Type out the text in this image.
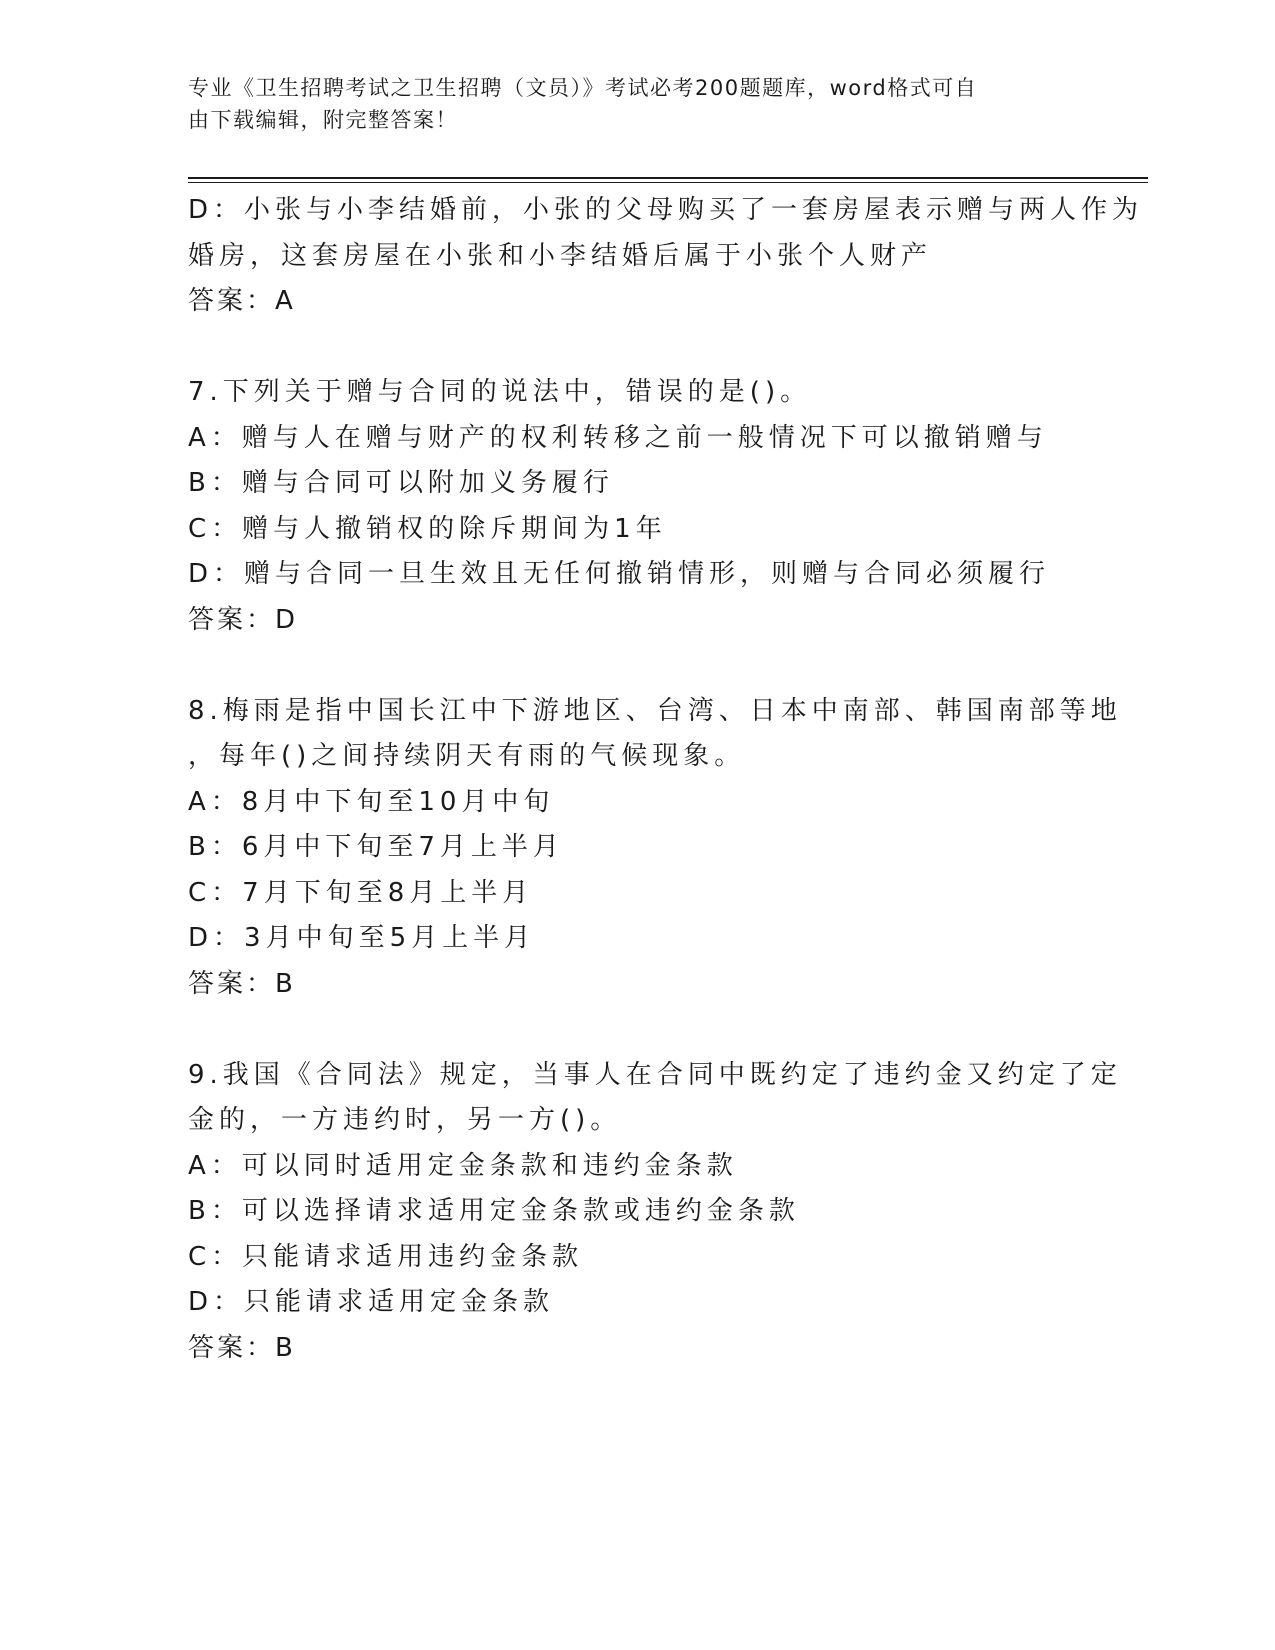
专业《卫生招聘考试之卫生招聘（文员）》考试必考200题题库，word格式可自
由下载编辑，附完整答案！
D：小张与小李结婚前，小张的父母购买了一套房屋表示赠与两人作为
婚房，这套房屋在小张和小李结婚后属于小张个人财产
答案：A
7.下列关于赠与合同的说法中，错误的是()。
A：赠与人在赠与财产的权利转移之前一般情况下可以撤销赠与
B：赠与合同可以附加义务履行
C：赠与人撤销权的除斥期间为1年
D：赠与合同一旦生效且无任何撤销情形，则赠与合同必须履行
答案：D
8.梅雨是指中国长江中下游地区、台湾、日本中南部、韩国南部等地
，每年()之间持续阴天有雨的气候现象。
A：8月中下旬至10月中旬
B：6月中下旬至7月上半月
C：7月下旬至8月上半月
D：3月中旬至5月上半月
答案：B
9.我国《合同法》规定，当事人在合同中既约定了违约金又约定了定
金的，一方违约时，另一方()。
A：可以同时适用定金条款和违约金条款
B：可以选择请求适用定金条款或违约金条款
C：只能请求适用违约金条款
D：只能请求适用定金条款
答案：B
